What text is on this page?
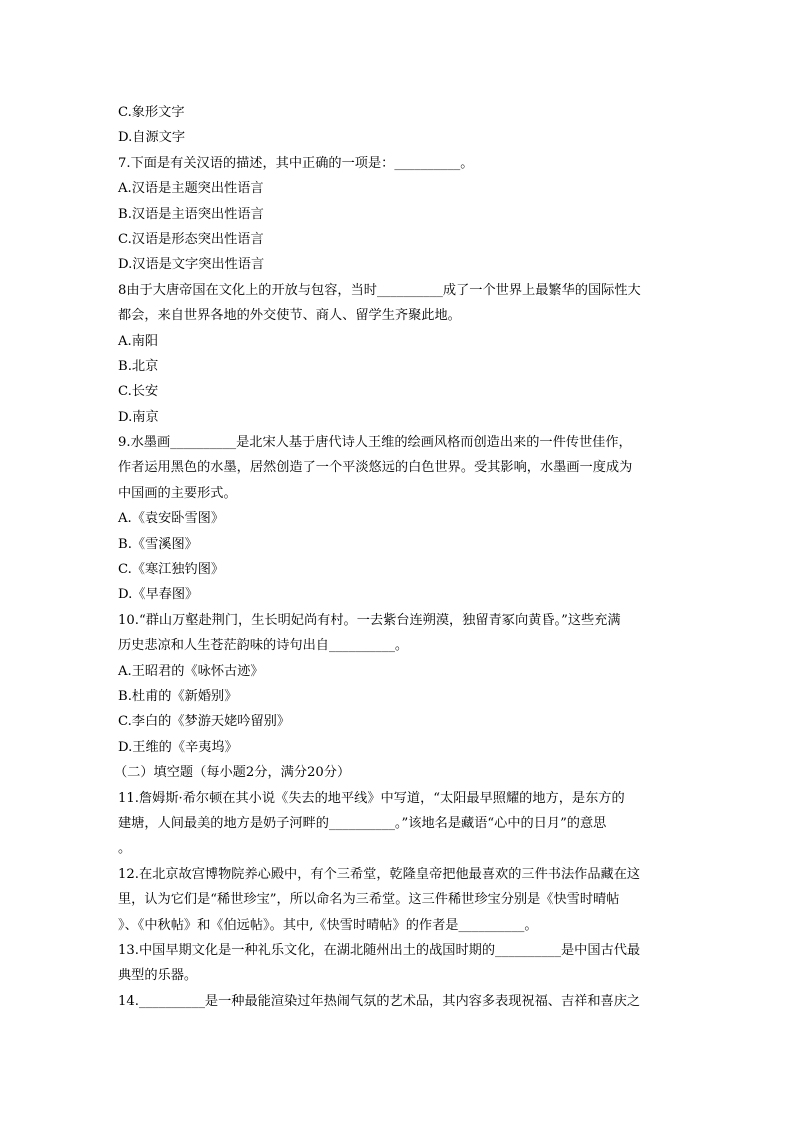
C.象形文字
D.自源文字
7.下面是有关汉语的描述，其中正确的一项是：__________。
A.汉语是主题突出性语言
B.汉语是主语突出性语言
C.汉语是形态突出性语言
D.汉语是文字突出性语言
8由于大唐帝国在文化上的开放与包容，当时__________成了一个世界上最繁华的国际性大
都会，来自世界各地的外交使节、商人、留学生齐聚此地。
A.南阳
B.北京
C.长安
D.南京
9.水墨画__________是北宋人基于唐代诗人王维的绘画风格而创造出来的一件传世佳作，
作者运用黑色的水墨，居然创造了一个平淡悠远的白色世界。受其影响，水墨画一度成为
中国画的主要形式。
A.《袁安卧雪图》
B.《雪溪图》
C.《寒江独钓图》
D.《早春图》
10.“群山万壑赴荆门，生长明妃尚有村。一去紫台连朔漠，独留青冢向黄昏。”这些充满
历史悲凉和人生苍茫韵味的诗句出自__________。
A.王昭君的《咏怀古迹》
B.杜甫的《新婚别》
C.李白的《梦游天姥吟留别》
D.王维的《辛夷坞》
（二）填空题（每小题2分，满分20分）
11.詹姆斯·希尔顿在其小说《失去的地平线》中写道，“太阳最早照耀的地方，是东方的
建塘，人间最美的地方是奶子河畔的__________。”该地名是藏语“心中的日月”的意思
。
12.在北京故宫博物院养心殿中，有个三希堂，乾隆皇帝把他最喜欢的三件书法作品藏在这
里，认为它们是“稀世珍宝”，所以命名为三希堂。这三件稀世珍宝分别是《快雪时晴帖
》、《中秋帖》和《伯远帖》。其中,《快雪时晴帖》的作者是__________。
13.中国早期文化是一种礼乐文化，在湖北随州出土的战国时期的__________是中国古代最
典型的乐器。
14.__________是一种最能渲染过年热闹气氛的艺术品，其内容多表现祝福、吉祥和喜庆之
